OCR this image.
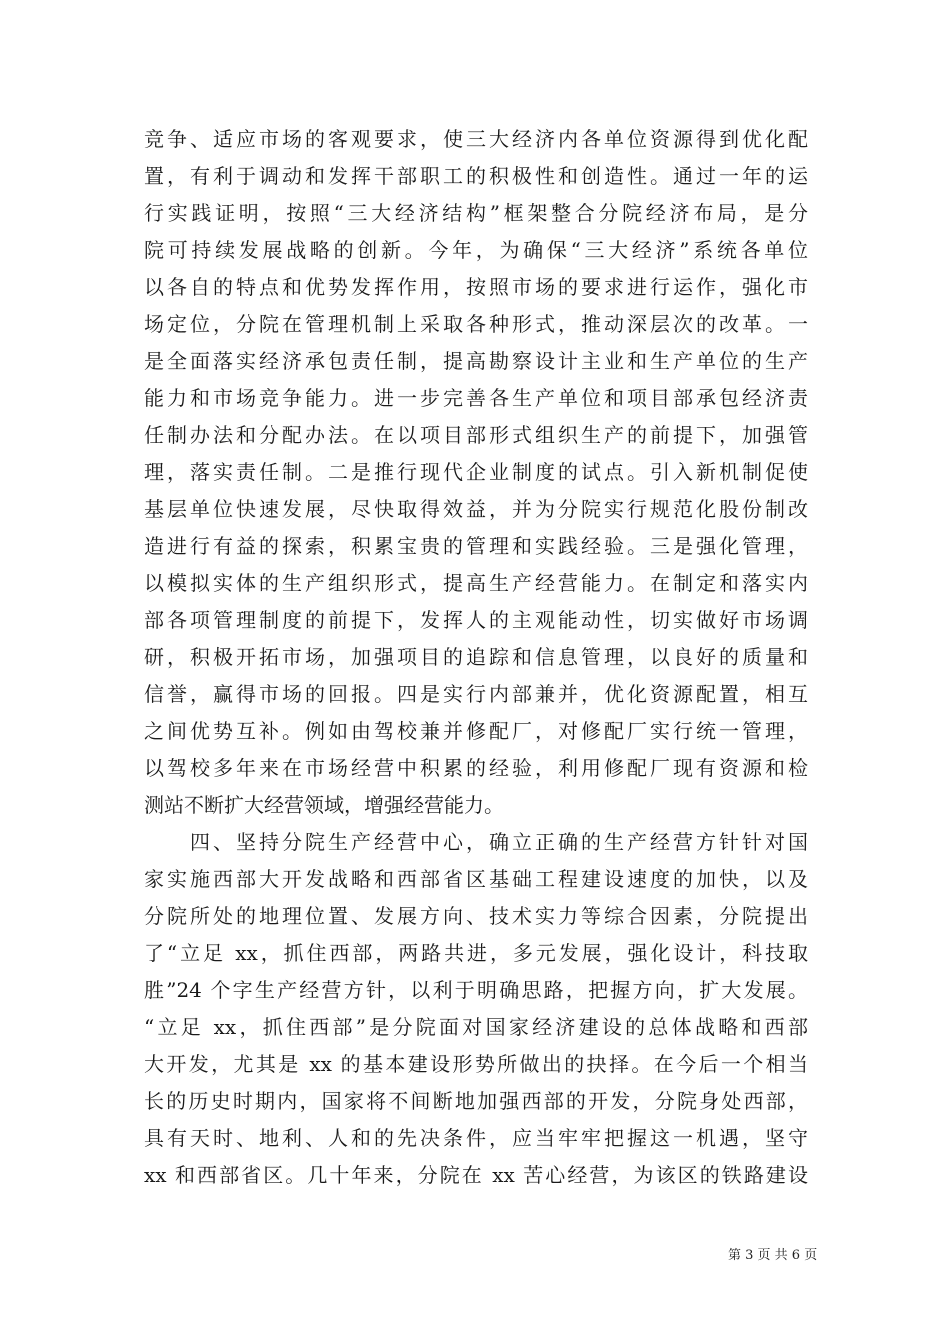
竞争、适应市场的客观要求，使三大经济内各单位资源得到优化配
置，有利于调动和发挥干部职工的积极性和创造性。通过一年的运
行实践证明，按照“三大经济结构”框架整合分院经济布局，是分
院可持续发展战略的创新。今年，为确保“三大经济”系统各单位
以各自的特点和优势发挥作用，按照市场的要求进行运作，强化市
场定位，分院在管理机制上采取各种形式，推动深层次的改革。一
是全面落实经济承包责任制，提高勘察设计主业和生产单位的生产
能力和市场竞争能力。进一步完善各生产单位和项目部承包经济责
任制办法和分配办法。在以项目部形式组织生产的前提下，加强管
理，落实责任制。二是推行现代企业制度的试点。引入新机制促使
基层单位快速发展，尽快取得效益，并为分院实行规范化股份制改
造进行有益的探索，积累宝贵的管理和实践经验。三是强化管理，
以模拟实体的生产组织形式，提高生产经营能力。在制定和落实内
部各项管理制度的前提下，发挥人的主观能动性，切实做好市场调
研，积极开拓市场，加强项目的追踪和信息管理，以良好的质量和
信誉，赢得市场的回报。四是实行内部兼并，优化资源配置，相互
之间优势互补。例如由驾校兼并修配厂，对修配厂实行统一管理，
以驾校多年来在市场经营中积累的经验，利用修配厂现有资源和检
测站不断扩大经营领域，增强经营能力。
　　四、坚持分院生产经营中心，确立正确的生产经营方针针对国
家实施西部大开发战略和西部省区基础工程建设速度的加快，以及
分院所处的地理位置、发展方向、技术实力等综合因素，分院提出
了“立足 xx，抓住西部，两路共进，多元发展，强化设计，科技取
胜”24 个字生产经营方针，以利于明确思路，把握方向，扩大发展。
“立足 xx，抓住西部”是分院面对国家经济建设的总体战略和西部
大开发，尤其是 xx 的基本建设形势所做出的抉择。在今后一个相当
长的历史时期内，国家将不间断地加强西部的开发，分院身处西部，
具有天时、地利、人和的先决条件，应当牢牢把握这一机遇，坚守
xx 和西部省区。几十年来，分院在 xx 苦心经营，为该区的铁路建设
第 3 页 共 6 页
